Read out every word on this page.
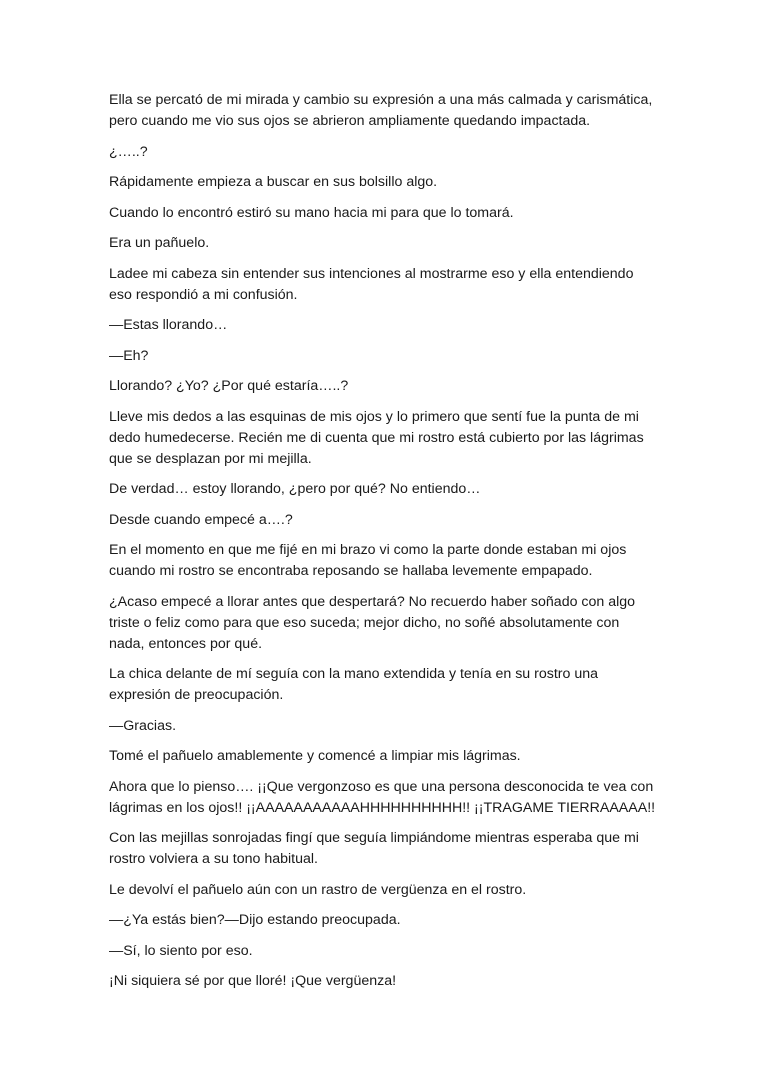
Ella se percató de mi mirada y cambio su expresión a una más calmada y carismática, pero cuando me vio sus ojos se abrieron ampliamente quedando impactada.

¿…..?

Rápidamente empieza a buscar en sus bolsillo algo.

Cuando lo encontró estiró su mano hacia mi para que lo tomará.

Era un pañuelo.

Ladee mi cabeza sin entender sus intenciones al mostrarme eso y ella entendiendo eso respondió a mi confusión.

—Estas llorando…

—Eh?

Llorando? ¿Yo? ¿Por qué estaría…..?

Lleve mis dedos a las esquinas de mis ojos y lo primero que sentí fue la punta de mi dedo humedecerse. Recién me di cuenta que mi rostro está cubierto por las lágrimas que se desplazan por mi mejilla.

De verdad… estoy llorando, ¿pero por qué? No entiendo…

Desde cuando empecé a….?

En el momento en que me fijé en mi brazo vi como la parte donde estaban mi ojos cuando mi rostro se encontraba reposando se hallaba levemente empapado.

¿Acaso empecé a llorar antes que despertará? No recuerdo haber soñado con algo triste o feliz como para que eso suceda; mejor dicho, no soñé absolutamente con nada, entonces por qué.

La chica delante de mí seguía con la mano extendida y tenía en su rostro una expresión de preocupación.

—Gracias.

Tomé el pañuelo amablemente y comencé a limpiar mis lágrimas.

Ahora que lo pienso…. ¡¡Que vergonzoso es que una persona desconocida te vea con lágrimas en los ojos!! ¡¡AAAAAAAAAAAHHHHHHHHHH!! ¡¡TRAGAME TIERRAAAAA!!

Con las mejillas sonrojadas fingí que seguía limpiándome mientras esperaba que mi rostro volviera a su tono habitual.

Le devolví el pañuelo aún con un rastro de vergüenza en el rostro.

—¿Ya estás bien?—Dijo estando preocupada.

—Sí, lo siento por eso.

¡Ni siquiera sé por que lloré! ¡Que vergüenza!
